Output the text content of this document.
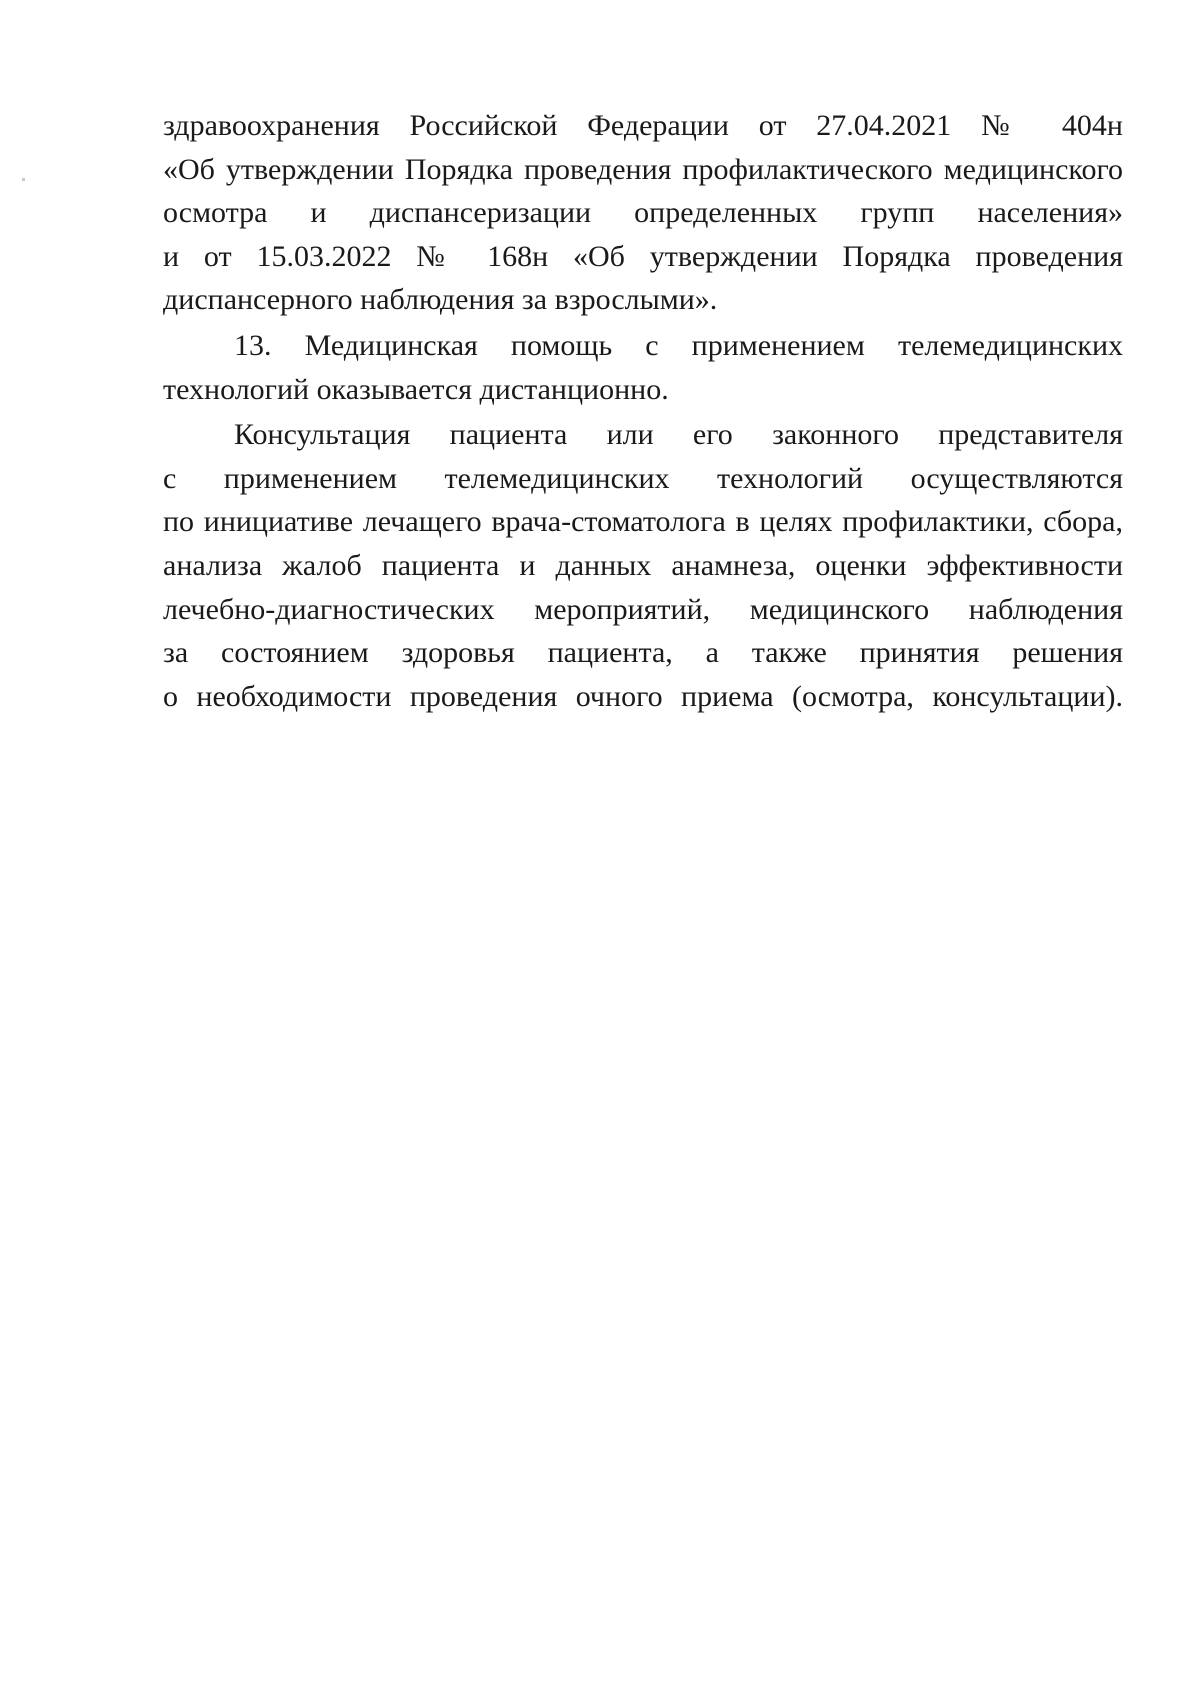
здравоохранения Российской Федерации от 27.04.2021 № 404н
«Об утверждении Порядка проведения профилактического медицинского
осмотра и диспансеризации определенных групп населения»
и от 15.03.2022 № 168н «Об утверждении Порядка проведения
диспансерного наблюдения за взрослыми».
13. Медицинская помощь с применением телемедицинских
технологий оказывается дистанционно.
Консультация пациента или его законного представителя
с применением телемедицинских технологий осуществляются
по инициативе лечащего врача-стоматолога в целях профилактики, сбора,
анализа жалоб пациента и данных анамнеза, оценки эффективности
лечебно-диагностических мероприятий, медицинского наблюдения
за состоянием здоровья пациента, а также принятия решения
о необходимости проведения очного приема (осмотра, консультации).
